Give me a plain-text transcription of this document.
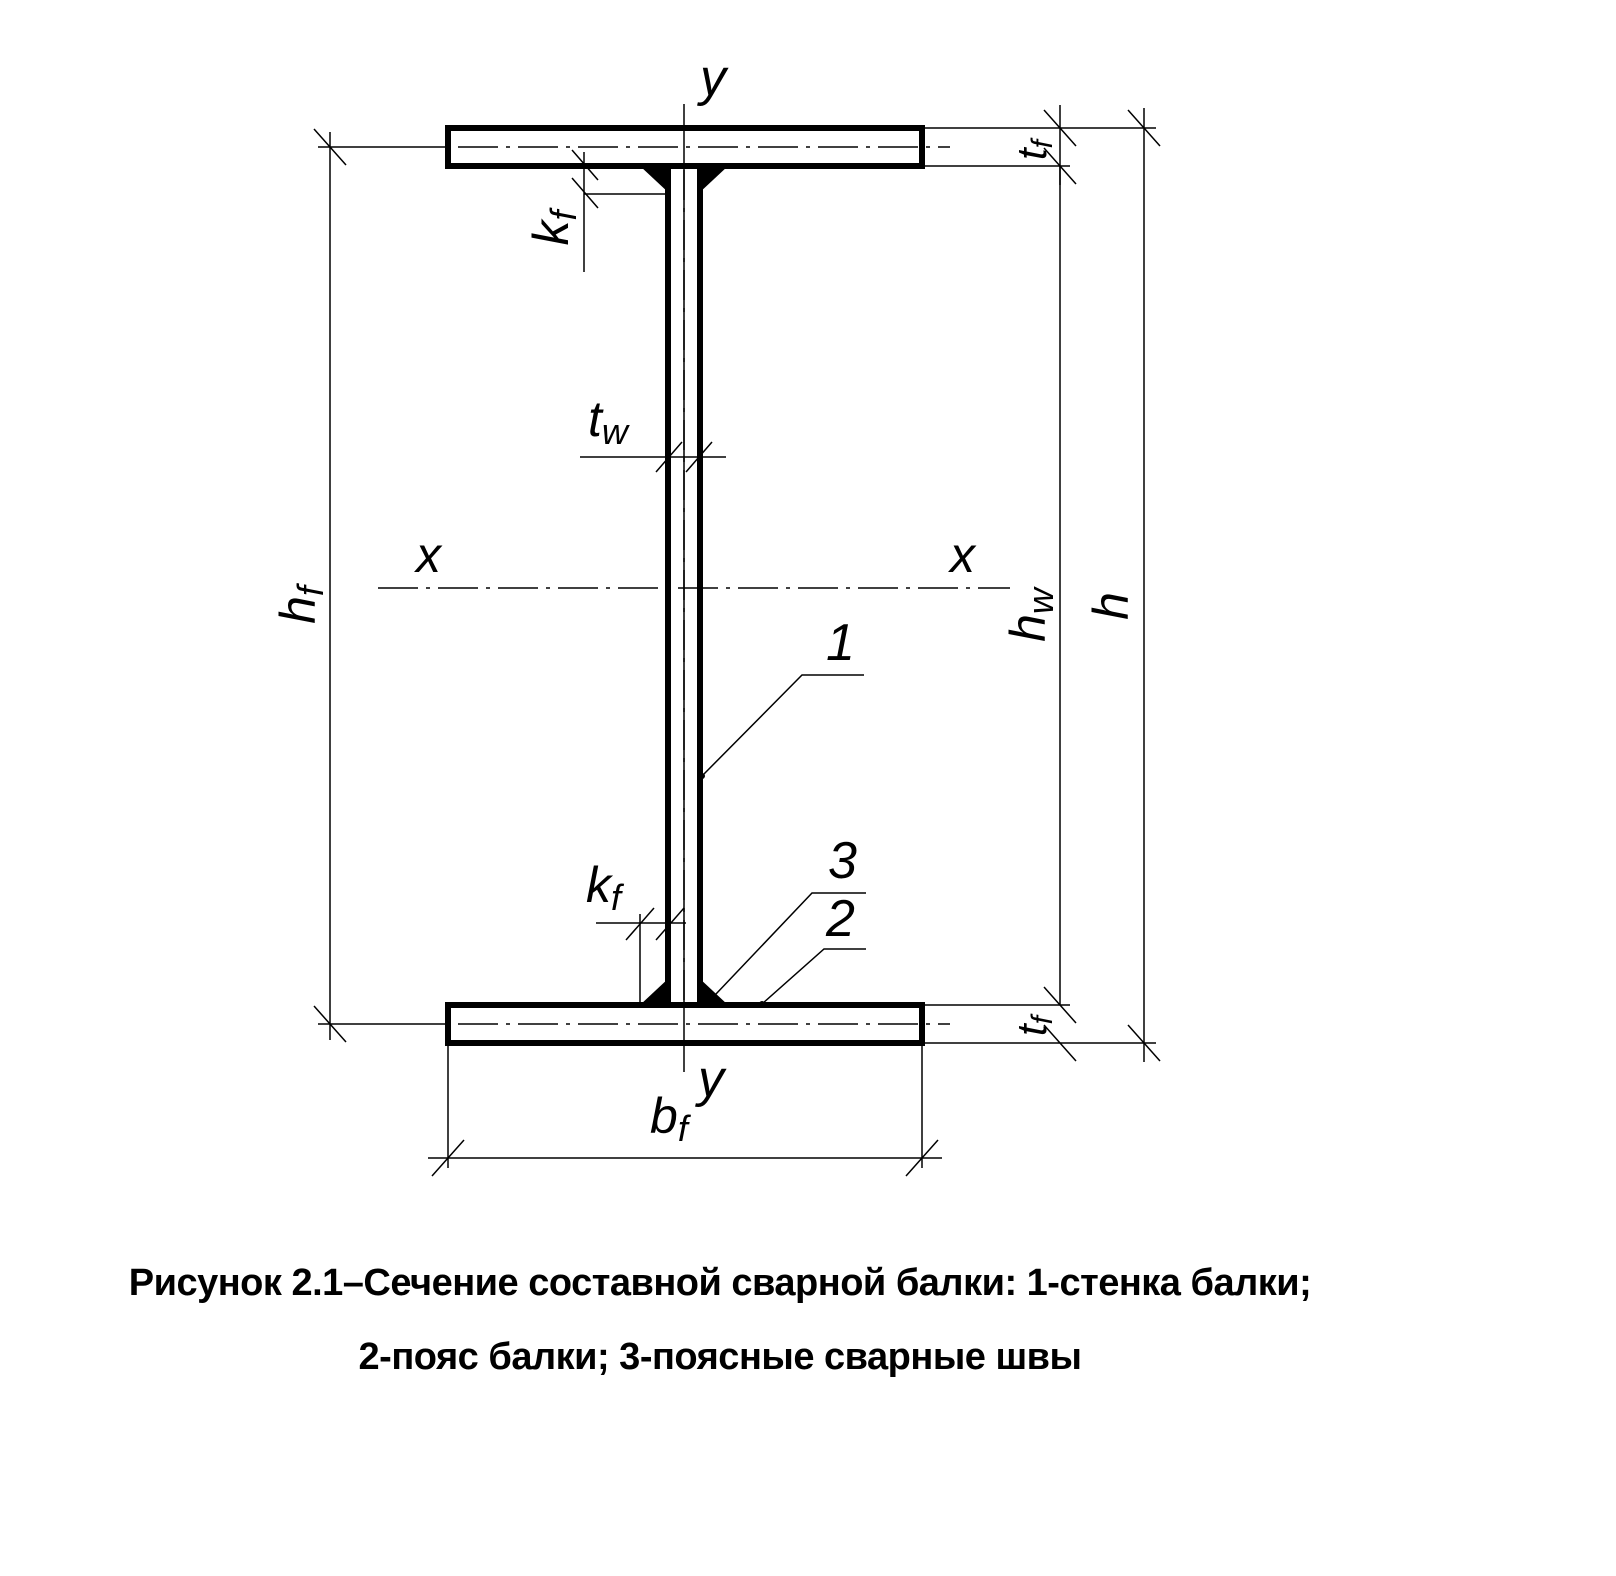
y
y
x	x
hf
hw h
tf
tf
kf
tw
kf
bf
1
3
2
Рисунок 2.1–Сечение составной сварной балки: 1-стенка балки;
2-пояс балки; 3-поясные сварные швы
